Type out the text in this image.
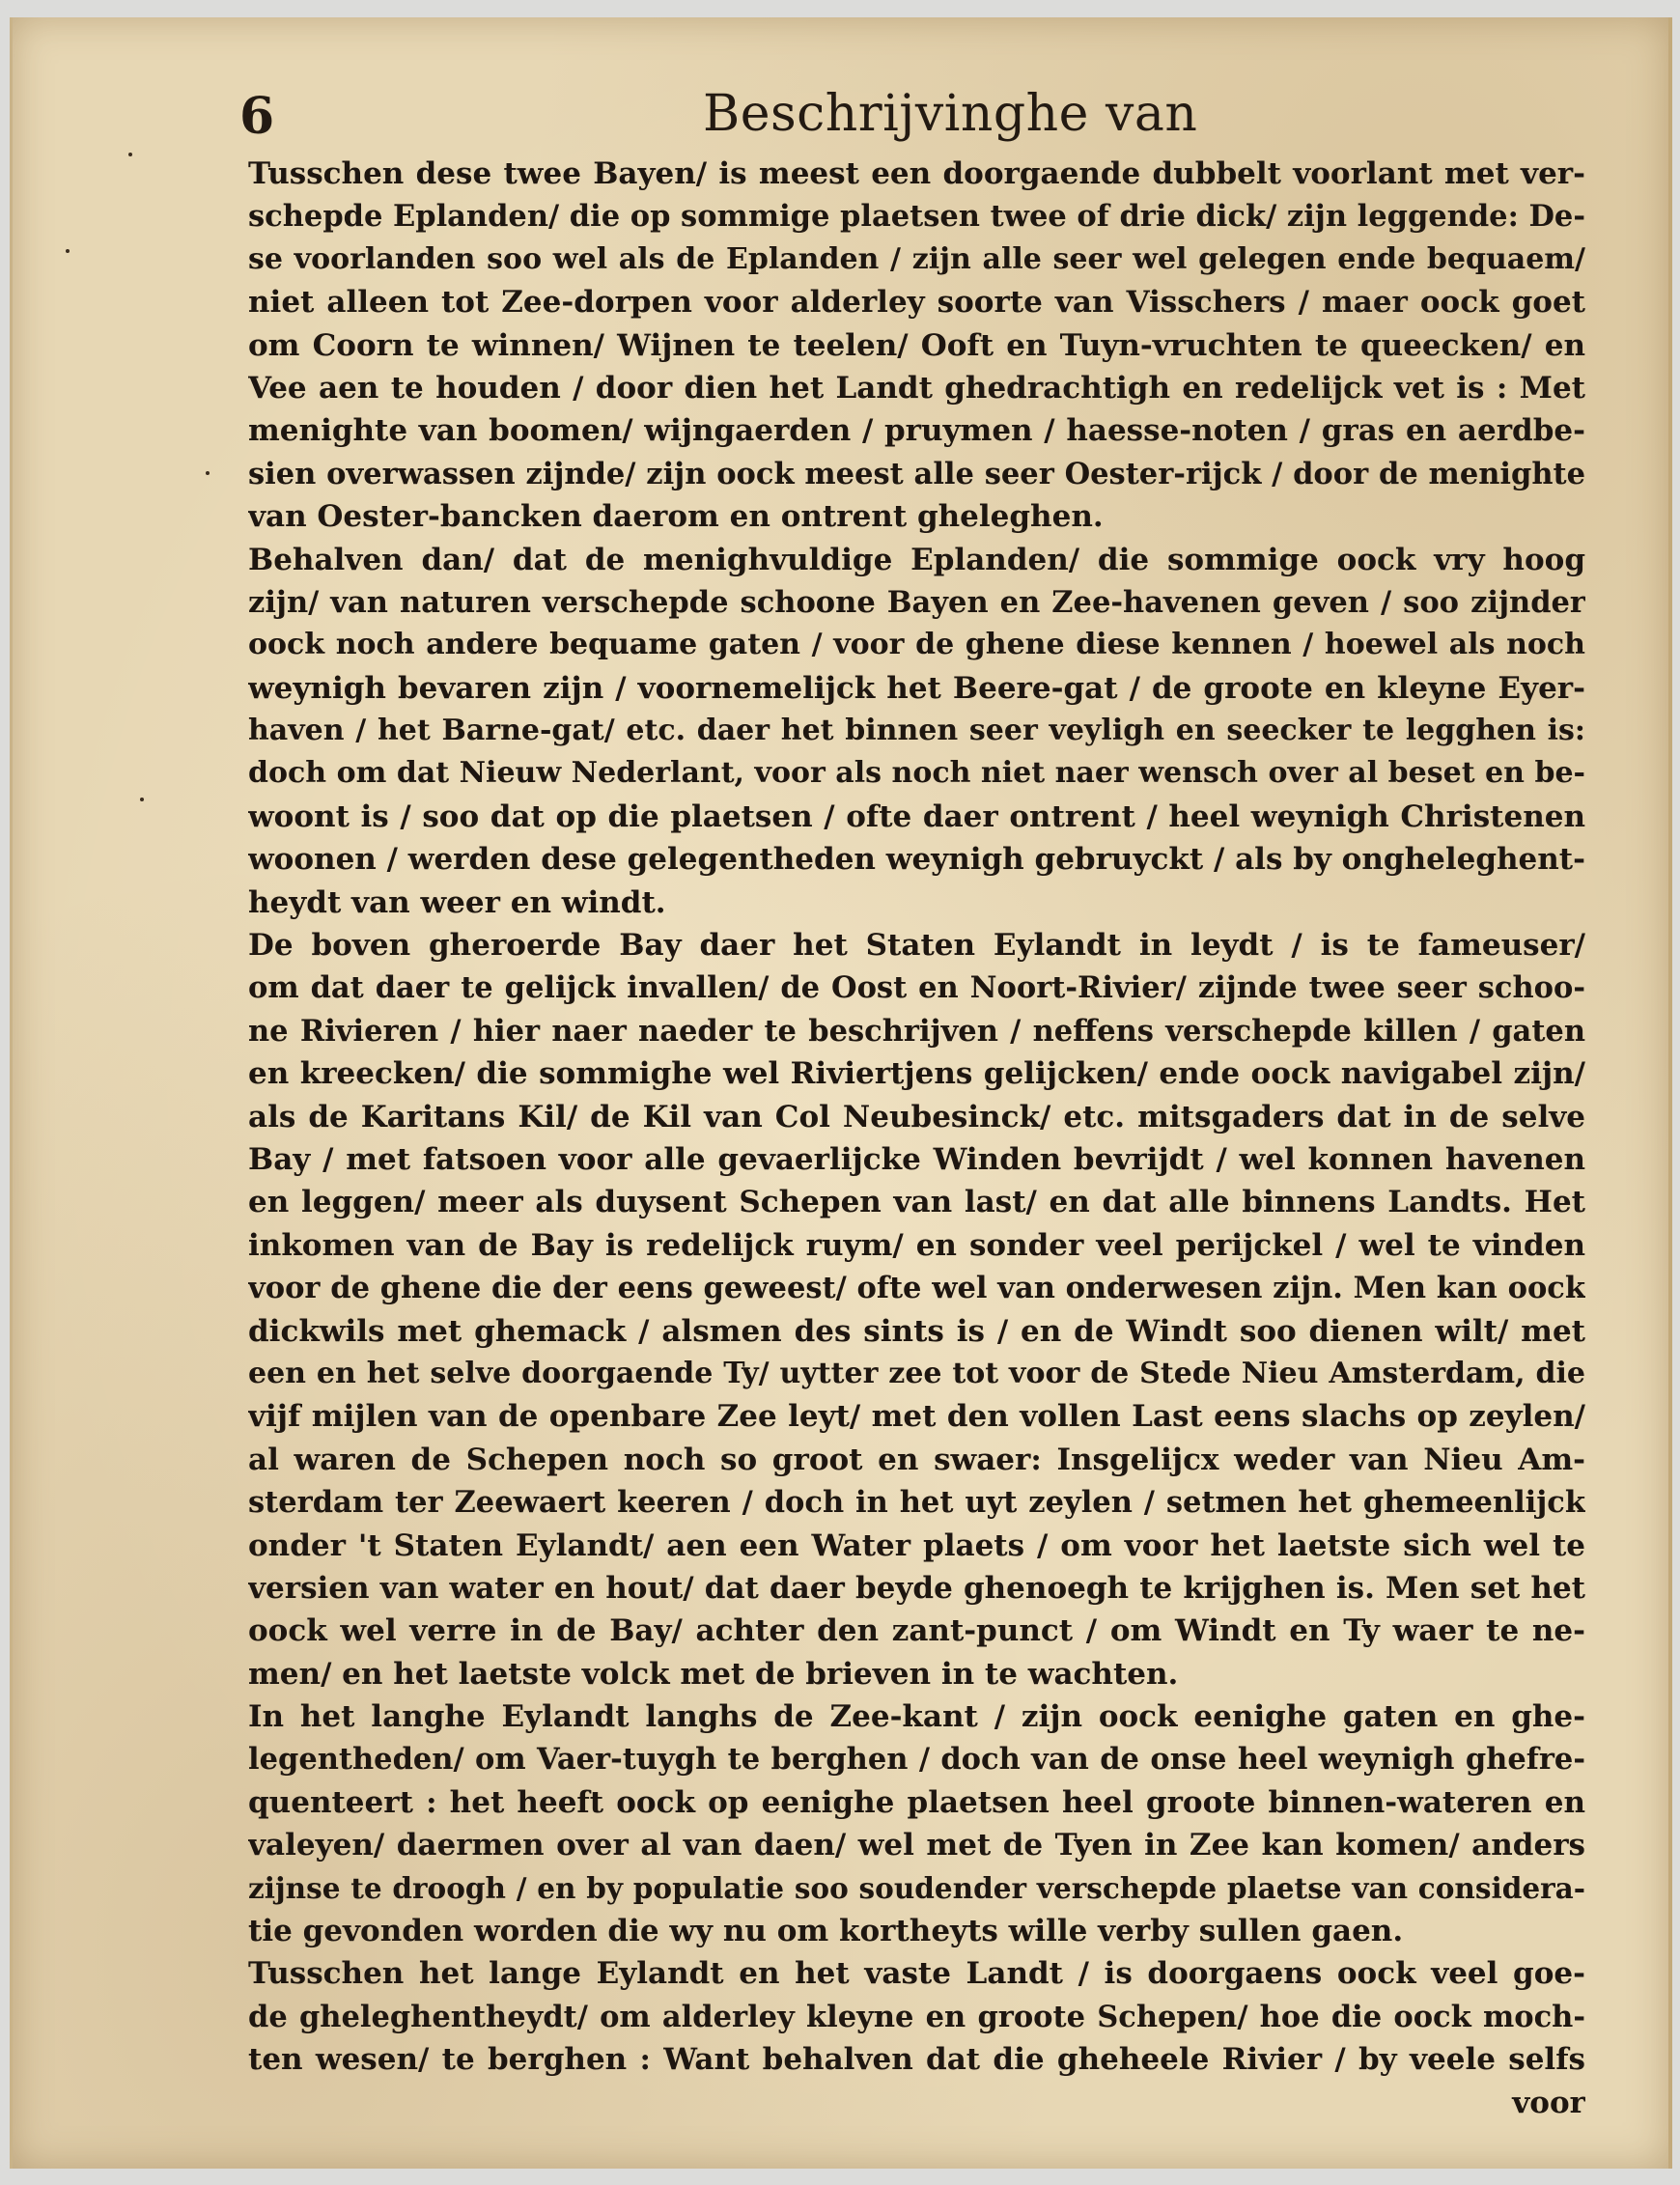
6	Beschrijvinghe van
Tusschen dese twee Bayen/ is meest een doorgaende dubbelt voorlant met ver-
schepde Eplanden/ die op sommige plaetsen twee of drie dick/ zijn leggende: De-
se voorlanden soo wel als de Eplanden / zijn alle seer wel gelegen ende bequaem/
niet alleen tot Zee-dorpen voor alderley soorte van Visschers / maer oock goet
om Coorn te winnen/ Wijnen te teelen/ Ooft en Tuyn-vruchten te queecken/ en
Vee aen te houden / door dien het Landt ghedrachtigh en redelijck vet is : Met
menighte van boomen/ wijngaerden / pruymen / haesse-noten / gras en aerdbe-
sien overwassen zijnde/ zijn oock meest alle seer Oester-rijck / door de menighte
van Oester-bancken daerom en ontrent gheleghen.
Behalven dan/ dat de menighvuldige Eplanden/ die sommige oock vry hoog
zijn/ van naturen verschepde schoone Bayen en Zee-havenen geven / soo zijnder
oock noch andere bequame gaten / voor de ghene diese kennen / hoewel als noch
weynigh bevaren zijn / voornemelijck het Beere-gat / de groote en kleyne Eyer-
haven / het Barne-gat/ etc. daer het binnen seer veyligh en seecker te legghen is:
doch om dat Nieuw Nederlant, voor als noch niet naer wensch over al beset en be-
woont is / soo dat op die plaetsen / ofte daer ontrent / heel weynigh Christenen
woonen / werden dese gelegentheden weynigh gebruyckt / als by ongheleghent-
heydt van weer en windt.
De boven gheroerde Bay daer het Staten Eylandt in leydt / is te fameuser/
om dat daer te gelijck invallen/ de Oost en Noort-Rivier/ zijnde twee seer schoo-
ne Rivieren / hier naer naeder te beschrijven / neffens verschepde killen / gaten
en kreecken/ die sommighe wel Riviertjens gelijcken/ ende oock navigabel zijn/
als de Karitans Kil/ de Kil van Col Neubesinck/ etc. mitsgaders dat in de selve
Bay / met fatsoen voor alle gevaerlijcke Winden bevrijdt / wel konnen havenen
en leggen/ meer als duysent Schepen van last/ en dat alle binnens Landts. Het
inkomen van de Bay is redelijck ruym/ en sonder veel perijckel / wel te vinden
voor de ghene die der eens geweest/ ofte wel van onderwesen zijn. Men kan oock
dickwils met ghemack / alsmen des sints is / en de Windt soo dienen wilt/ met
een en het selve doorgaende Ty/ uytter zee tot voor de Stede Nieu Amsterdam, die
vijf mijlen van de openbare Zee leyt/ met den vollen Last eens slachs op zeylen/
al waren de Schepen noch so groot en swaer: Insgelijcx weder van Nieu Am-
sterdam ter Zeewaert keeren / doch in het uyt zeylen / setmen het ghemeenlijck
onder 't Staten Eylandt/ aen een Water plaets / om voor het laetste sich wel te
versien van water en hout/ dat daer beyde ghenoegh te krijghen is. Men set het
oock wel verre in de Bay/ achter den zant-punct / om Windt en Ty waer te ne-
men/ en het laetste volck met de brieven in te wachten.
In het langhe Eylandt langhs de Zee-kant / zijn oock eenighe gaten en ghe-
legentheden/ om Vaer-tuygh te berghen / doch van de onse heel weynigh ghefre-
quenteert : het heeft oock op eenighe plaetsen heel groote binnen-wateren en
valeyen/ daermen over al van daen/ wel met de Tyen in Zee kan komen/ anders
zijnse te droogh / en by populatie soo soudender verschepde plaetse van considera-
tie gevonden worden die wy nu om kortheyts wille verby sullen gaen.
Tusschen het lange Eylandt en het vaste Landt / is doorgaens oock veel goe-
de gheleghentheydt/ om alderley kleyne en groote Schepen/ hoe die oock moch-
ten wesen/ te berghen : Want behalven dat die gheheele Rivier / by veele selfs
voor
